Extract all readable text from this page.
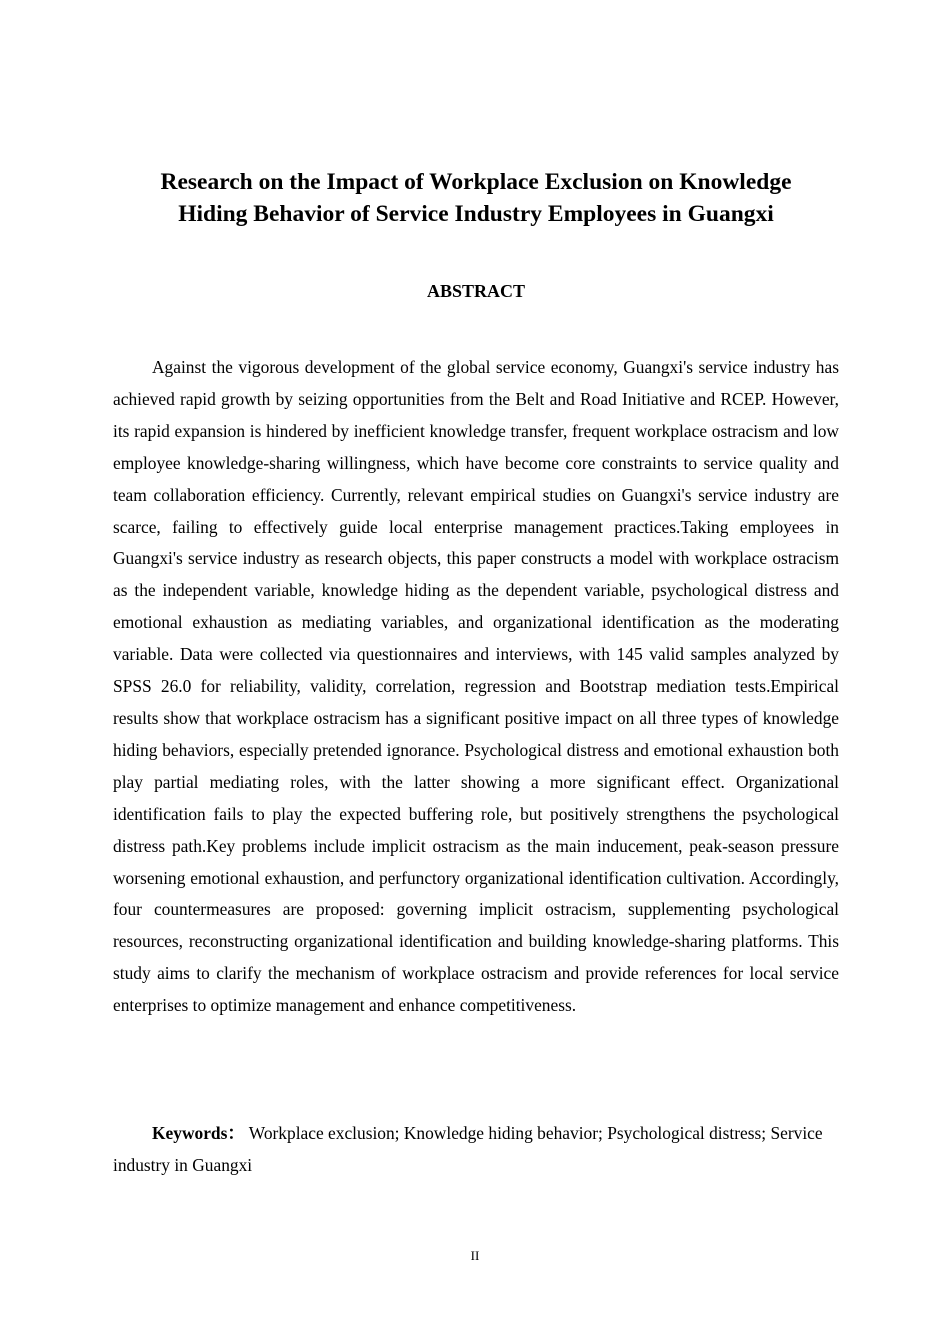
Research on the Impact of Workplace Exclusion on Knowledge
Hiding Behavior of Service Industry Employees in Guangxi
ABSTRACT

Against the vigorous development of the global service economy, Guangxi's service industry has achieved rapid growth by seizing opportunities from the Belt and Road Initiative and RCEP. However, its rapid expansion is hindered by inefficient knowledge transfer, frequent workplace ostracism and low employee knowledge-sharing willingness, which have become core constraints to service quality and team collaboration efficiency. Currently, relevant empirical studies on Guangxi's service industry are scarce, failing to effectively guide local enterprise management practices.Taking employees in Guangxi's service industry as research objects, this paper constructs a model with workplace ostracism as the independent variable, knowledge hiding as the dependent variable, psychological distress and emotional exhaustion as mediating variables, and organizational identification as the moderating variable. Data were collected via questionnaires and interviews, with 145 valid samples analyzed by SPSS 26.0 for reliability, validity, correlation, regression and Bootstrap mediation tests.Empirical results show that workplace ostracism has a significant positive impact on all three types of knowledge hiding behaviors, especially pretended ignorance. Psychological distress and emotional exhaustion both play partial mediating roles, with the latter showing a more significant effect. Organizational identification fails to play the expected buffering role, but positively strengthens the psychological distress path.Key problems include implicit ostracism as the main inducement, peak-season pressure worsening emotional exhaustion, and perfunctory organizational identification cultivation. Accordingly, four countermeasures are proposed: governing implicit ostracism, supplementing psychological resources, reconstructing organizational identification and building knowledge-sharing platforms. This study aims to clarify the mechanism of workplace ostracism and provide references for local service enterprises to optimize management and enhance competitiveness.

Keywords： Workplace exclusion; Knowledge hiding behavior; Psychological distress; Service industry in Guangxi

II
